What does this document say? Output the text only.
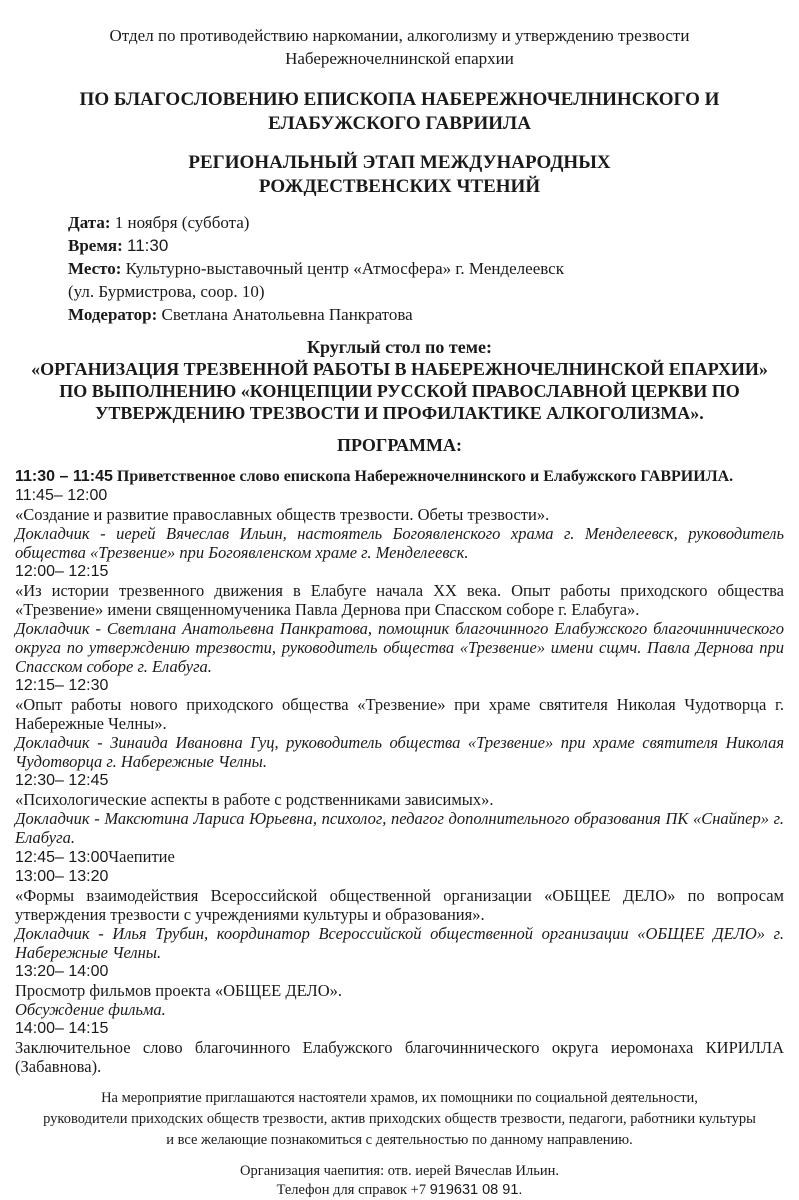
Отдел по противодействию наркомании, алкоголизму и утверждению трезвости
Набережночелнинской епархии
ПО БЛАГОСЛОВЕНИЮ ЕПИСКОПА НАБЕРЕЖНОЧЕЛНИНСКОГО И
ЕЛАБУЖСКОГО ГАВРИИЛА
РЕГИОНАЛЬНЫЙ ЭТАП МЕЖДУНАРОДНЫХ
РОЖДЕСТВЕНСКИХ ЧТЕНИЙ
Дата: 1 ноября (суббота)
Время: 11:30
Место: Культурно-выставочный центр «Атмосфера» г. Менделеевск
(ул. Бурмистрова, соор. 10)
Модератор: Светлана Анатольевна Панкратова
Круглый стол по теме:
«ОРГАНИЗАЦИЯ ТРЕЗВЕННОЙ РАБОТЫ В НАБЕРЕЖНОЧЕЛНИНСКОЙ ЕПАРХИИ»
ПО ВЫПОЛНЕНИЮ «КОНЦЕПЦИИ РУССКОЙ ПРАВОСЛАВНОЙ ЦЕРКВИ ПО
УТВЕРЖДЕНИЮ ТРЕЗВОСТИ И ПРОФИЛАКТИКЕ АЛКОГОЛИЗМА».
ПРОГРАММА:
11:30 – 11:45 Приветственное слово епископа Набережночелнинского и Елабужского ГАВРИИЛА.
11:45– 12:00
«Создание и развитие православных обществ трезвости. Обеты трезвости».
Докладчик - иерей Вячеслав Ильин, настоятель Богоявленского храма г. Менделеевск, руководитель общества «Трезвение» при Богоявленском храме г. Менделеевск.
12:00– 12:15
«Из истории трезвенного движения в Елабуге начала XX века. Опыт работы приходского общества «Трезвение» имени священномученика Павла Дернова при Спасском соборе г. Елабуга».
Докладчик - Светлана Анатольевна Панкратова, помощник благочинного Елабужского благочиннического округа по утверждению трезвости, руководитель общества «Трезвение» имени сщмч. Павла Дернова при Спасском соборе г. Елабуга.
12:15– 12:30
«Опыт работы нового приходского общества «Трезвение» при храме святителя Николая Чудотворца г. Набережные Челны».
Докладчик - Зинаида Ивановна Гуц, руководитель общества «Трезвение» при храме святителя Николая Чудотворца г. Набережные Челны.
12:30– 12:45
«Психологические аспекты в работе с родственниками зависимых».
Докладчик - Максютина Лариса Юрьевна, психолог, педагог дополнительного образования ПК «Снайпер» г. Елабуга.
12:45– 13:00Чаепитие
13:00– 13:20
«Формы взаимодействия Всероссийской общественной организации «ОБЩЕЕ ДЕЛО» по вопросам утверждения трезвости с учреждениями культуры и образования».
Докладчик - Илья Трубин, координатор Всероссийской общественной организации «ОБЩЕЕ ДЕЛО» г. Набережные Челны.
13:20– 14:00
Просмотр фильмов проекта «ОБЩЕЕ ДЕЛО».
Обсуждение фильма.
14:00– 14:15
Заключительное слово благочинного Елабужского благочиннического округа иеромонаха КИРИЛЛА (Забавнова).
На мероприятие приглашаются настоятели храмов, их помощники по социальной деятельности,
руководители приходских обществ трезвости, актив приходских обществ трезвости, педагоги, работники культуры
и все желающие познакомиться с деятельностью по данному направлению.
Организация чаепития: отв. иерей Вячеслав Ильин.
Телефон для справок +7 919631 08 91.
